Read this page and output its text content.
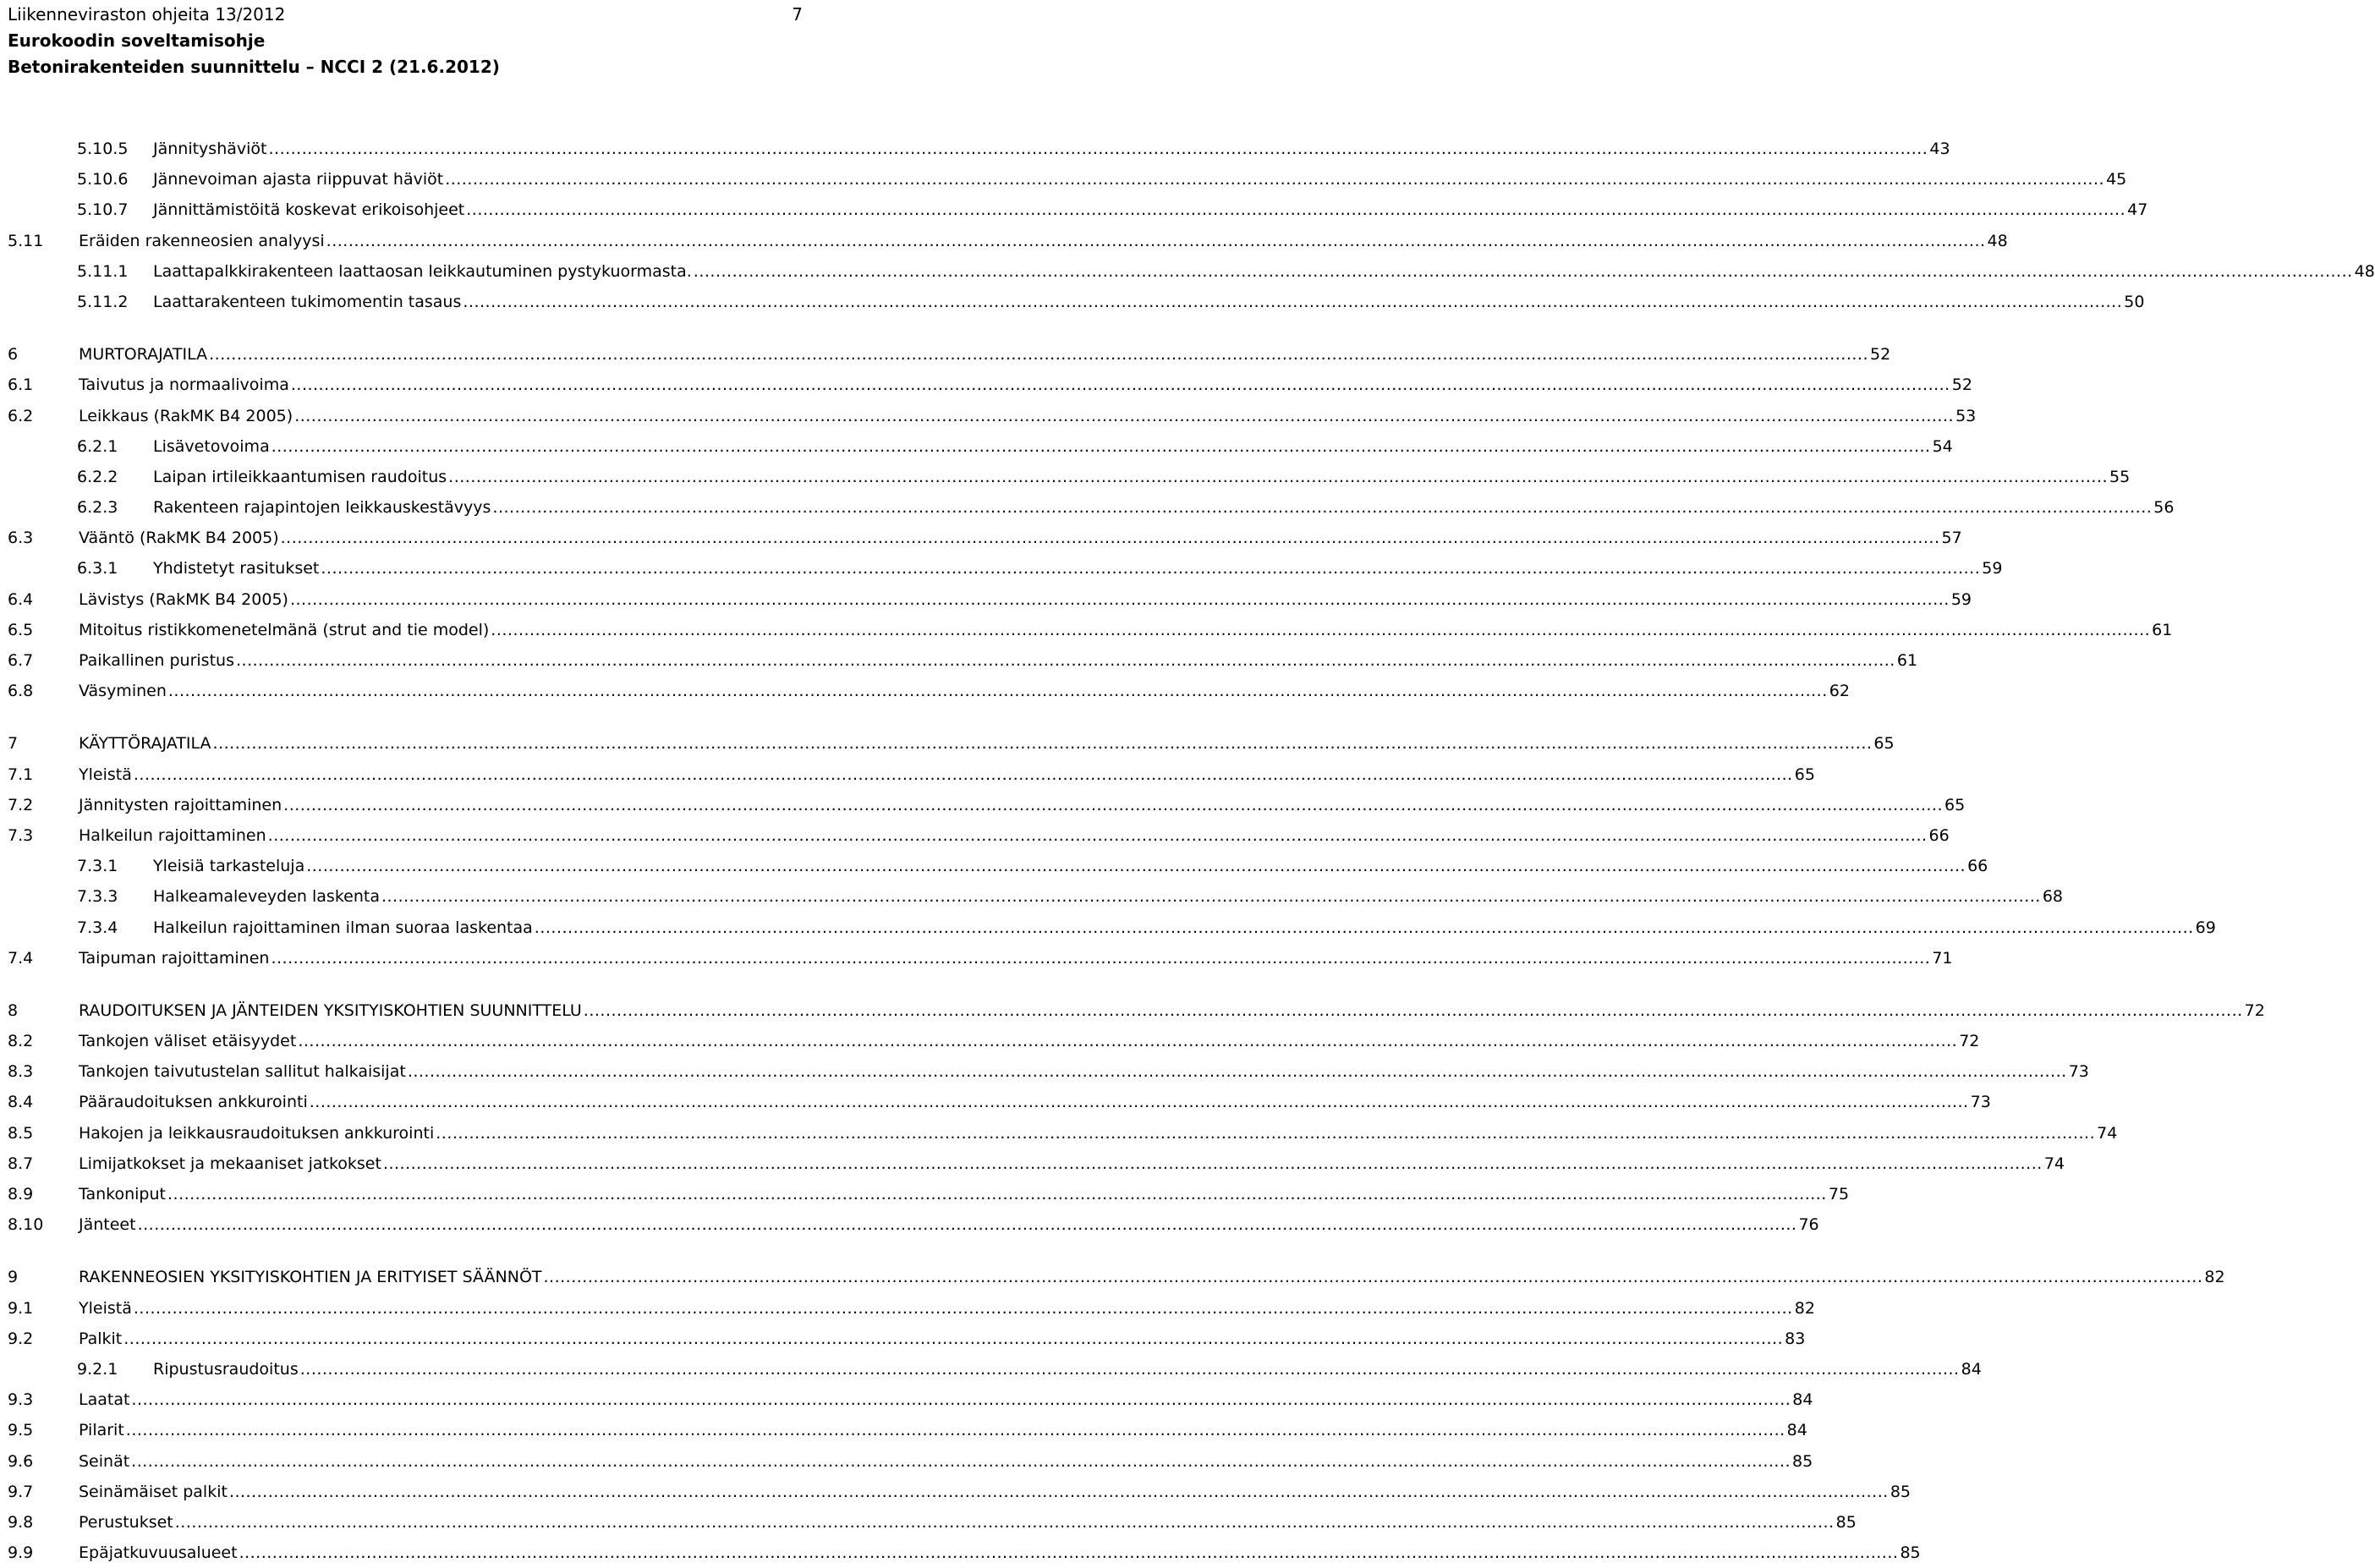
Liikenneviraston ohjeita 13/2012
Eurokoodin soveltamisohje
Betonirakenteiden suunnittelu – NCCI 2 (21.6.2012)
7
5.10.5 Jännityshäviöt ............................................................................................................................................................................................................................................................................................................ 43
5.10.6 Jännevoiman ajasta riippuvat häviöt ............................................................................................................................................................................................................................................................................................................ 45
5.10.7 Jännittämistöitä koskevat erikoisohjeet ............................................................................................................................................................................................................................................................................................................ 47
5.11 Eräiden rakenneosien analyysi ............................................................................................................................................................................................................................................................................................................ 48
5.11.1 Laattapalkkirakenteen laattaosan leikkautuminen pystykuormasta. ............................................................................................................................................................................................................................................................................................................ 48
5.11.2 Laattarakenteen tukimomentin tasaus ............................................................................................................................................................................................................................................................................................................ 50
6	MURTORAJATILA ............................................................................................................................................................................................................................................................................................................ 52
6.1	Taivutus ja normaalivoima ............................................................................................................................................................................................................................................................................................................ 52
6.2	Leikkaus (RakMK B4 2005) ............................................................................................................................................................................................................................................................................................................ 53
6.2.1 Lisävetovoima ............................................................................................................................................................................................................................................................................................................ 54
6.2.2 Laipan irtileikkaantumisen raudoitus ............................................................................................................................................................................................................................................................................................................ 55
6.2.3 Rakenteen rajapintojen leikkauskestävyys ............................................................................................................................................................................................................................................................................................................ 56
6.3	Vääntö (RakMK B4 2005) ............................................................................................................................................................................................................................................................................................................ 57
6.3.1 Yhdistetyt rasitukset ............................................................................................................................................................................................................................................................................................................ 59
6.4	Lävistys (RakMK B4 2005) ............................................................................................................................................................................................................................................................................................................ 59
6.5	Mitoitus ristikkomenetelmänä (strut and tie model) ............................................................................................................................................................................................................................................................................................................ 61
6.7	Paikallinen puristus ............................................................................................................................................................................................................................................................................................................ 61
6.8	Väsyminen ............................................................................................................................................................................................................................................................................................................ 62
7	KÄYTTÖRAJATILA ............................................................................................................................................................................................................................................................................................................ 65
7.1	Yleistä ............................................................................................................................................................................................................................................................................................................ 65
7.2	Jännitysten rajoittaminen ............................................................................................................................................................................................................................................................................................................ 65
7.3	Halkeilun rajoittaminen ............................................................................................................................................................................................................................................................................................................ 66
7.3.1 Yleisiä tarkasteluja ............................................................................................................................................................................................................................................................................................................ 66
7.3.3 Halkeamaleveyden laskenta ............................................................................................................................................................................................................................................................................................................ 68
7.3.4 Halkeilun rajoittaminen ilman suoraa laskentaa ............................................................................................................................................................................................................................................................................................................ 69
7.4	Taipuman rajoittaminen ............................................................................................................................................................................................................................................................................................................ 71
8	RAUDOITUKSEN JA JÄNTEIDEN YKSITYISKOHTIEN SUUNNITTELU ............................................................................................................................................................................................................................................................................................................ 72
8.2	Tankojen väliset etäisyydet ............................................................................................................................................................................................................................................................................................................ 72
8.3	Tankojen taivutustelan sallitut halkaisijat ............................................................................................................................................................................................................................................................................................................ 73
8.4	Pääraudoituksen ankkurointi ............................................................................................................................................................................................................................................................................................................ 73
8.5	Hakojen ja leikkausraudoituksen ankkurointi ............................................................................................................................................................................................................................................................................................................ 74
8.7	Limijatkokset ja mekaaniset jatkokset ............................................................................................................................................................................................................................................................................................................ 74
8.9	Tankoniput ............................................................................................................................................................................................................................................................................................................ 75
8.10 Jänteet ............................................................................................................................................................................................................................................................................................................ 76
9	RAKENNEOSIEN YKSITYISKOHTIEN JA ERITYISET SÄÄNNÖT ............................................................................................................................................................................................................................................................................................................ 82
9.1	Yleistä ............................................................................................................................................................................................................................................................................................................ 82
9.2	Palkit ............................................................................................................................................................................................................................................................................................................ 83
9.2.1 Ripustusraudoitus ............................................................................................................................................................................................................................................................................................................ 84
9.3	Laatat ............................................................................................................................................................................................................................................................................................................ 84
9.5	Pilarit ............................................................................................................................................................................................................................................................................................................ 84
9.6	Seinät ............................................................................................................................................................................................................................................................................................................ 85
9.7	Seinämäiset palkit ............................................................................................................................................................................................................................................................................................................ 85
9.8	Perustukset ............................................................................................................................................................................................................................................................................................................ 85
9.9	Epäjatkuvuusalueet ............................................................................................................................................................................................................................................................................................................ 85
